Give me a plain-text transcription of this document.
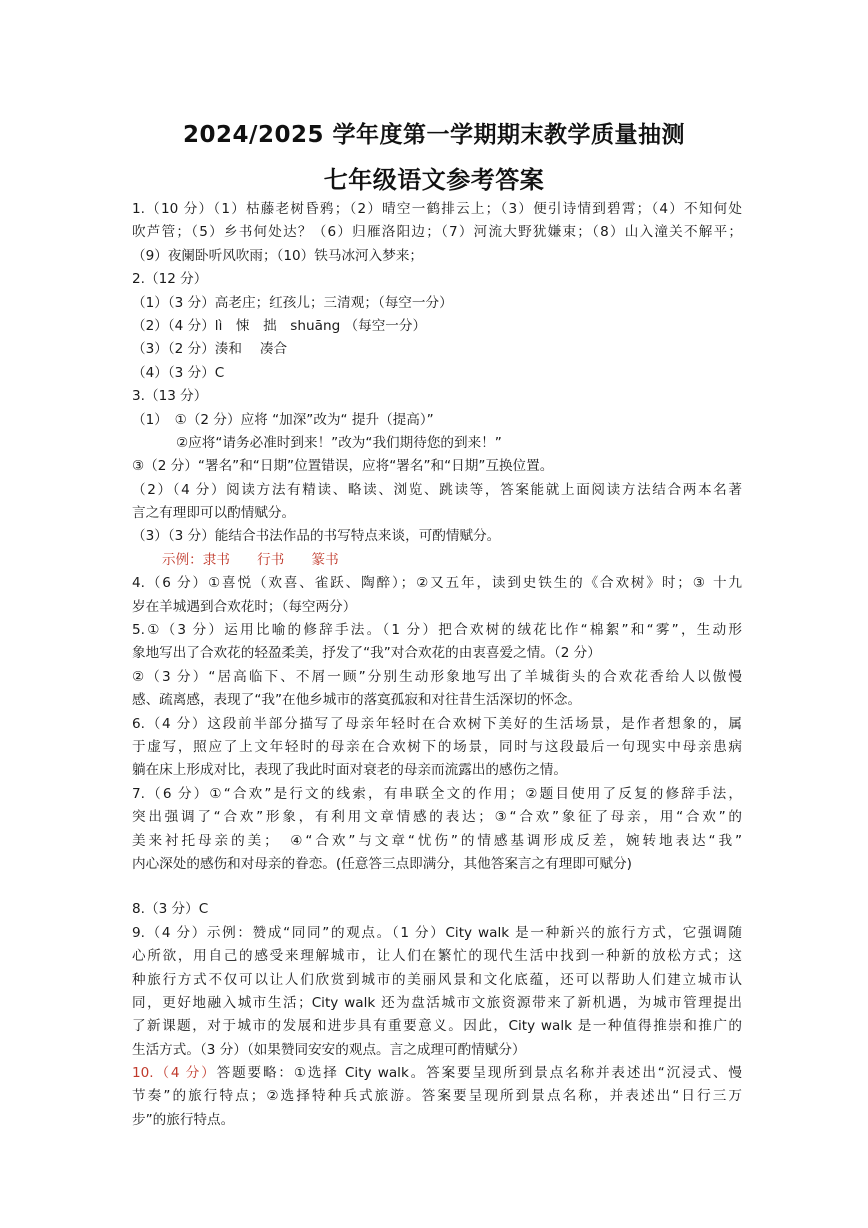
2024/2025 学年度第一学期期末教学质量抽测
七年级语文参考答案
1.（10 分）（1）枯藤老树昏鸦；（2）晴空一鹤排云上；（3）便引诗情到碧霄；（4）不知何处
吹芦管；（5）乡书何处达？（6）归雁洛阳边；（7）河流大野犹嫌束；（8）山入潼关不解平；
（9）夜阑卧听风吹雨；（10）铁马冰河入梦来；
2.（12 分）
（1）（3 分）高老庄；红孩儿；三清观；（每空一分）
（2）（4 分）lì　悚　拙　shuāng （每空一分）
（3）（2 分）湊和　 凑合
（4）（3 分）C
3.（13 分）
（1）　①（2 分）应将 “加深”改为“ 提升（提高）”
②应将“请务必准时到来！”改为“我们期待您的到来！”
③（2 分）“署名”和“日期”位置错误，应将“署名”和“日期”互换位置。
（2）（4 分）阅读方法有精读、略读、浏览、跳读等，答案能就上面阅读方法结合两本名著
言之有理即可以酌情赋分。
（3）（3 分）能结合书法作品的书写特点来谈，可酌情赋分。
示例：隶书　　行书　　篆书
4.（6 分）①喜悦（欢喜、雀跃、陶醉）；②又五年，读到史铁生的《合欢树》时；③ 十九
岁在羊城遇到合欢花时；（每空两分）
5.①（3 分）运用比喻的修辞手法。（1 分）把合欢树的绒花比作“棉絮”和“雾”，生动形
象地写出了合欢花的轻盈柔美，抒发了“我”对合欢花的由衷喜爱之情。（2 分）
②（3 分）“居高临下、不屑一顾”分别生动形象地写出了羊城街头的合欢花香给人以傲慢
感、疏离感，表现了“我”在他乡城市的落寞孤寂和对往昔生活深切的怀念。
6.（4 分）这段前半部分描写了母亲年轻时在合欢树下美好的生活场景，是作者想象的，属
于虚写，照应了上文年轻时的母亲在合欢树下的场景，同时与这段最后一句现实中母亲患病
躺在床上形成对比，表现了我此时面对衰老的母亲而流露出的感伤之情。
7.（6 分）①“合欢”是行文的线索，有串联全文的作用；②题目使用了反复的修辞手法，
突出强调了“合欢”形象，有利用文章情感的表达；③“合欢”象征了母亲，用“合欢”的
美来衬托母亲的美；　④“合欢”与文章“忧伤”的情感基调形成反差，婉转地表达“我”
内心深处的感伤和对母亲的眷恋。(任意答三点即满分，其他答案言之有理即可赋分)
8.（3 分）C
9.（4 分）示例：赞成“同同”的观点。（1 分）City walk 是一种新兴的旅行方式，它强调随
心所欲，用自己的感受来理解城市，让人们在繁忙的现代生活中找到一种新的放松方式；这
种旅行方式不仅可以让人们欣赏到城市的美丽风景和文化底蕴，还可以帮助人们建立城市认
同，更好地融入城市生活；City walk 还为盘活城市文旅资源带来了新机遇，为城市管理提出
了新课题，对于城市的发展和进步具有重要意义。因此，City walk 是一种值得推崇和推广的
生活方式。（3 分）（如果赞同安安的观点。言之成理可酌情赋分）
10.（4 分）答题要略：①选择 City walk。答案要呈现所到景点名称并表述出“沉浸式、慢
节奏”的旅行特点；②选择特种兵式旅游。答案要呈现所到景点名称，并表述出“日行三万
步”的旅行特点。
